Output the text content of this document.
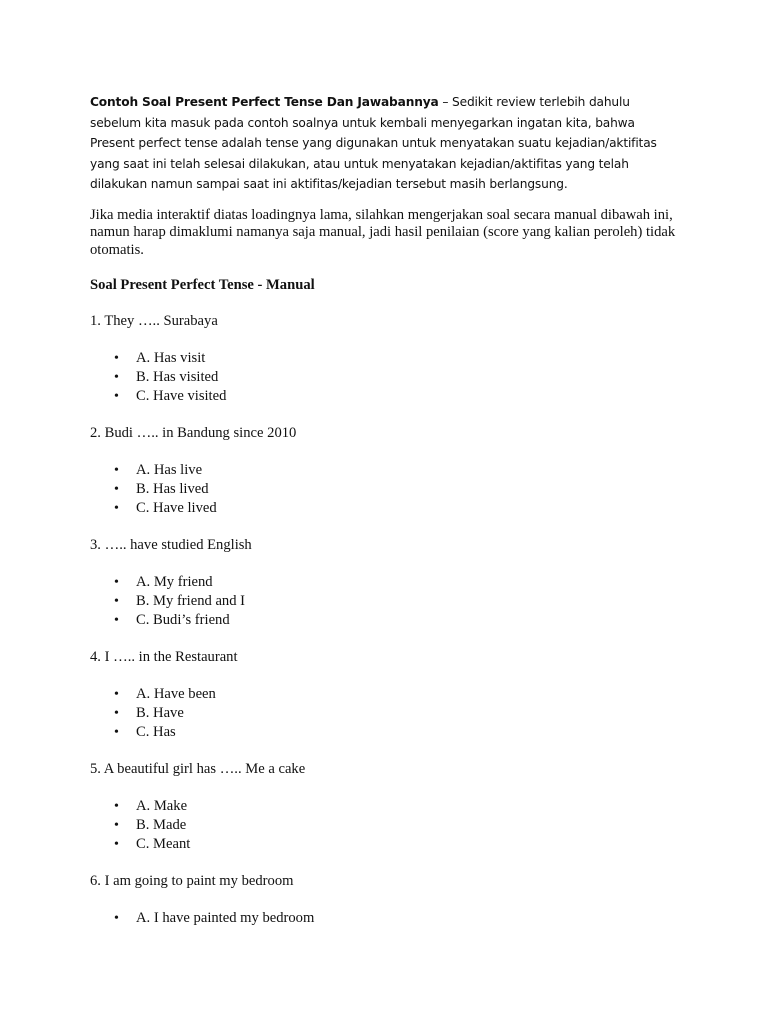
Contoh Soal Present Perfect Tense Dan Jawabannya – Sedikit review terlebih dahulu sebelum kita masuk pada contoh soalnya untuk kembali menyegarkan ingatan kita, bahwa Present perfect tense adalah tense yang digunakan untuk menyatakan suatu kejadian/aktifitas yang saat ini telah selesai dilakukan, atau untuk menyatakan kejadian/aktifitas yang telah dilakukan namun sampai saat ini aktifitas/kejadian tersebut masih berlangsung.

Jika media interaktif diatas loadingnya lama, silahkan mengerjakan soal secara manual dibawah ini, namun harap dimaklumi namanya saja manual, jadi hasil penilaian (score yang kalian peroleh) tidak otomatis.

Soal Present Perfect Tense - Manual
1. They ….. Surabaya
• A. Has visit
• B. Has visited
• C. Have visited
2. Budi ….. in Bandung since 2010
• A. Has live
• B. Has lived
• C. Have lived
3. ….. have studied English
• A. My friend
• B. My friend and I
• C. Budi’s friend
4. I ….. in the Restaurant
• A. Have been
• B. Have
• C. Has
5. A beautiful girl has ….. Me a cake
• A. Make
• B. Made
• C. Meant
6. I am going to paint my bedroom
• A. I have painted my bedroom
